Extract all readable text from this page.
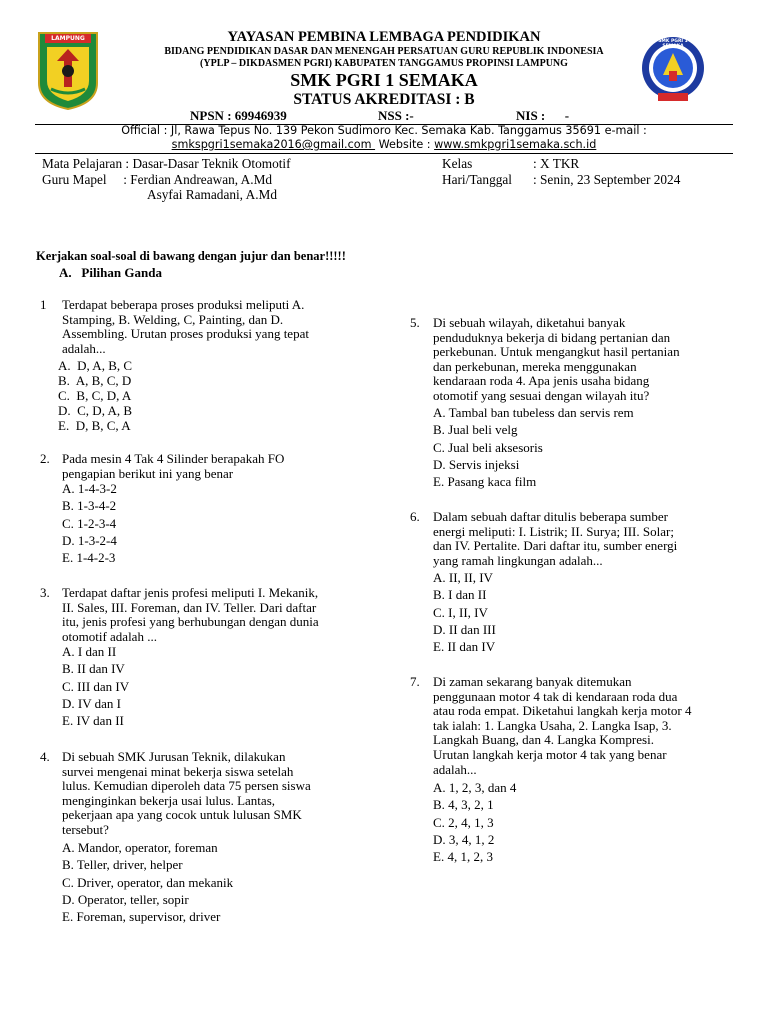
LAMPUNG	SMK PGRI 1 SEMAKA
YAYASAN PEMBINA LEMBAGA PENDIDIKAN
BIDANG PENDIDIKAN DASAR DAN MENENGAH PERSATUAN GURU REPUBLIK INDONESIA
(YPLP – DIKDASMEN PGRI) KABUPATEN TANGGAMUS PROPINSI LAMPUNG
SMK PGRI 1 SEMAKA
STATUS AKREDITASI : B
NPSN : 69946939	NSS :-	NIS :      -
Official : Jl, Rawa Tepus No. 139 Pekon Sudimoro Kec. Semaka Kab. Tanggamus 35691 e-mail :
smkspgri1semaka2016@gmail.com  Website : www.smkpgri1semaka.sch.id
Mata Pelajaran : Dasar-Dasar Teknik Otomotif
Guru Mapel     : Ferdian Andreawan, A.Md
Asyfai Ramadani, A.Md
Kelas	: X TKR
Hari/Tanggal : Senin, 23 September 2024
Kerjakan soal-soal di bawang dengan jujur dan benar!!!!!
A.   Pilihan Ganda
1 Terdapat beberapa proses produksi meliputi A.
Stamping, B. Welding, C, Painting, dan D.
Assembling. Urutan proses produksi yang tepat
adalah...
A.  D, A, B, C
B.  A, B, C, D
C.  B, C, D, A
D.  C, D, A, B
E.  D, B, C, A
2. Pada mesin 4 Tak 4 Silinder berapakah FO
pengapian berikut ini yang benar
A. 1-4-3-2
B. 1-3-4-2
C. 1-2-3-4
D. 1-3-2-4
E. 1-4-2-3
3. Terdapat daftar jenis profesi meliputi I. Mekanik,
II. Sales, III. Foreman, dan IV. Teller. Dari daftar
itu, jenis profesi yang berhubungan dengan dunia
otomotif adalah ...
A. I dan II
B. II dan IV
C. III dan IV
D. IV dan I
E. IV dan II
4. Di sebuah SMK Jurusan Teknik, dilakukan
survei mengenai minat bekerja siswa setelah
lulus. Kemudian diperoleh data 75 persen siswa
menginginkan bekerja usai lulus. Lantas,
pekerjaan apa yang cocok untuk lulusan SMK
tersebut?
A. Mandor, operator, foreman
B. Teller, driver, helper
C. Driver, operator, dan mekanik
D. Operator, teller, sopir
E. Foreman, supervisor, driver
5. Di sebuah wilayah, diketahui banyak
penduduknya bekerja di bidang pertanian dan
perkebunan. Untuk mengangkut hasil pertanian
dan perkebunan, mereka menggunakan
kendaraan roda 4. Apa jenis usaha bidang
otomotif yang sesuai dengan wilayah itu?
A. Tambal ban tubeless dan servis rem
B. Jual beli velg
C. Jual beli aksesoris
D. Servis injeksi
E. Pasang kaca film
6. Dalam sebuah daftar ditulis beberapa sumber
energi meliputi: I. Listrik; II. Surya; III. Solar;
dan IV. Pertalite. Dari daftar itu, sumber energi
yang ramah lingkungan adalah...
A. II, II, IV
B. I dan II
C. I, II, IV
D. II dan III
E. II dan IV
7. Di zaman sekarang banyak ditemukan
penggunaan motor 4 tak di kendaraan roda dua
atau roda empat. Diketahui langkah kerja motor 4
tak ialah: 1. Langka Usaha, 2. Langka Isap, 3.
Langkah Buang, dan 4. Langka Kompresi.
Urutan langkah kerja motor 4 tak yang benar
adalah...
A. 1, 2, 3, dan 4
B. 4, 3, 2, 1
C. 2, 4, 1, 3
D. 3, 4, 1, 2
E. 4, 1, 2, 3
